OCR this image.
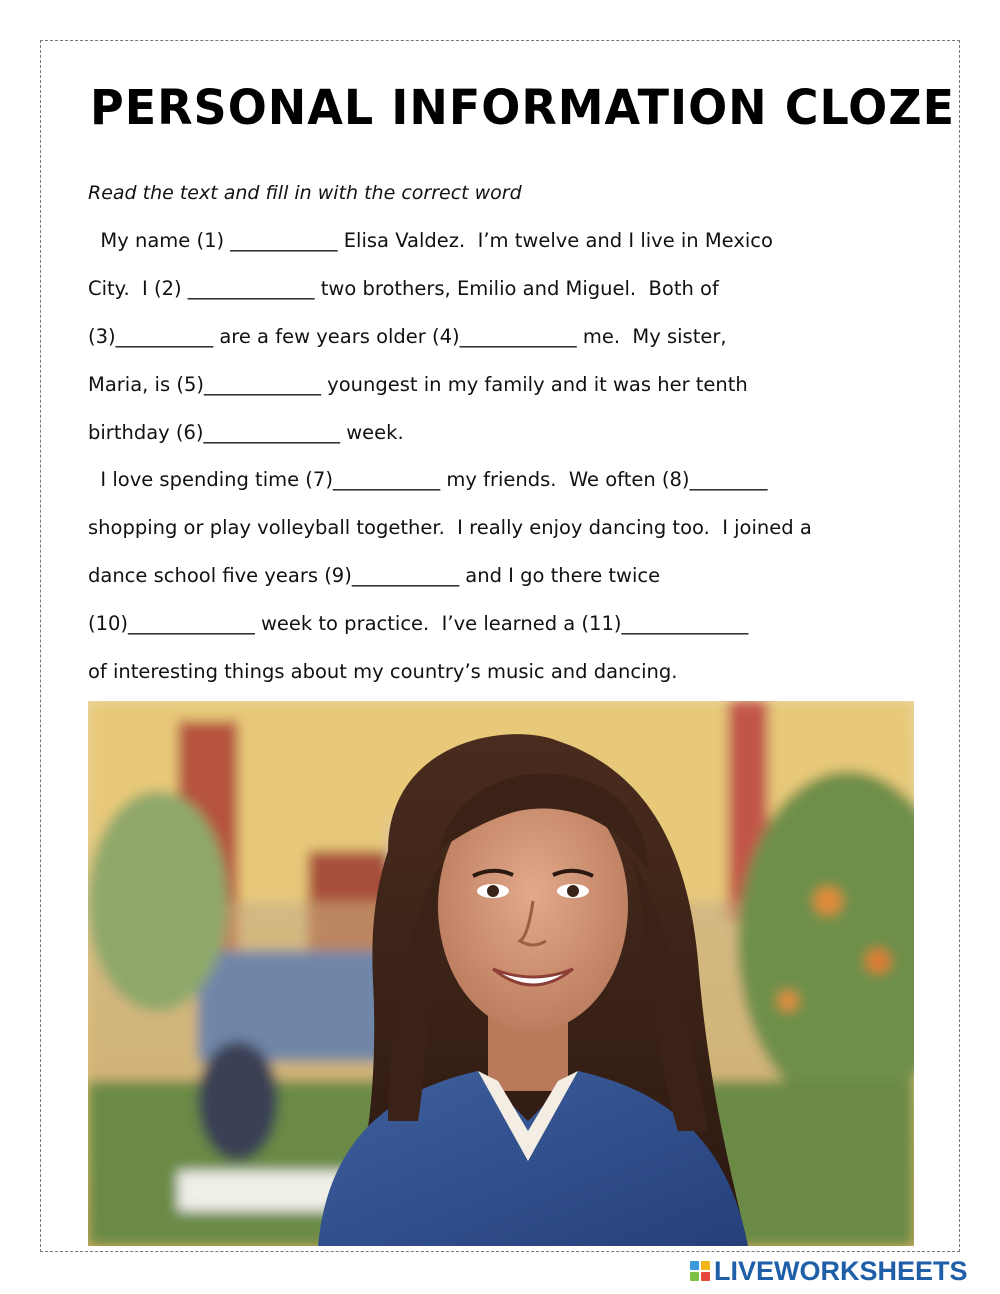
PERSONAL INFORMATION CLOZE

Read the text and fill in with the correct word

My name (1) ___________ Elisa Valdez.  I’m twelve and I live in Mexico

City.  I (2) _____________ two brothers, Emilio and Miguel.  Both of

(3)__________ are a few years older (4)____________ me.  My sister,

Maria, is (5)____________ youngest in my family and it was her tenth

birthday (6)______________ week.

I love spending time (7)___________ my friends.  We often (8)________

shopping or play volleyball together.  I really enjoy dancing too.  I joined a

dance school five years (9)___________ and I go there twice

(10)_____________ week to practice.  I’ve learned a (11)_____________

of interesting things about my country’s music and dancing.

LIVEWORKSHEETS
